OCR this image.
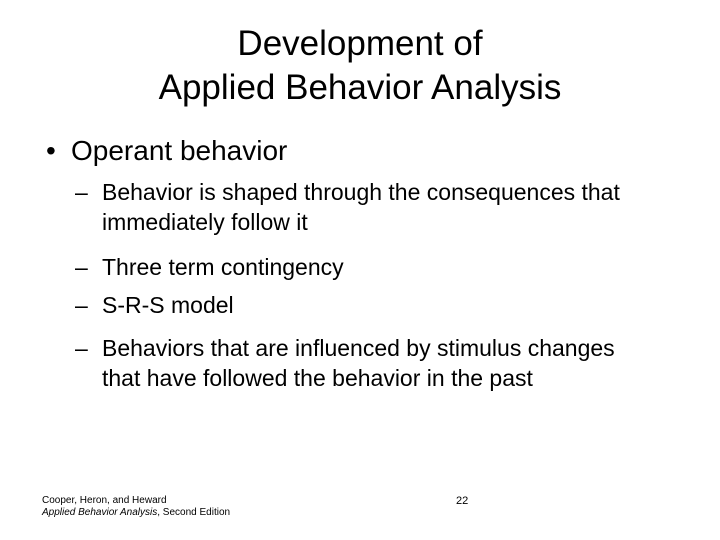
Development of
Applied Behavior Analysis
• Operant behavior
– Behavior is shaped through the consequences that immediately follow it
– Three term contingency
– S-R-S model
– Behaviors that are influenced by stimulus changes that have followed the behavior in the past
Cooper, Heron, and Heward
Applied Behavior Analysis, Second Edition
22
